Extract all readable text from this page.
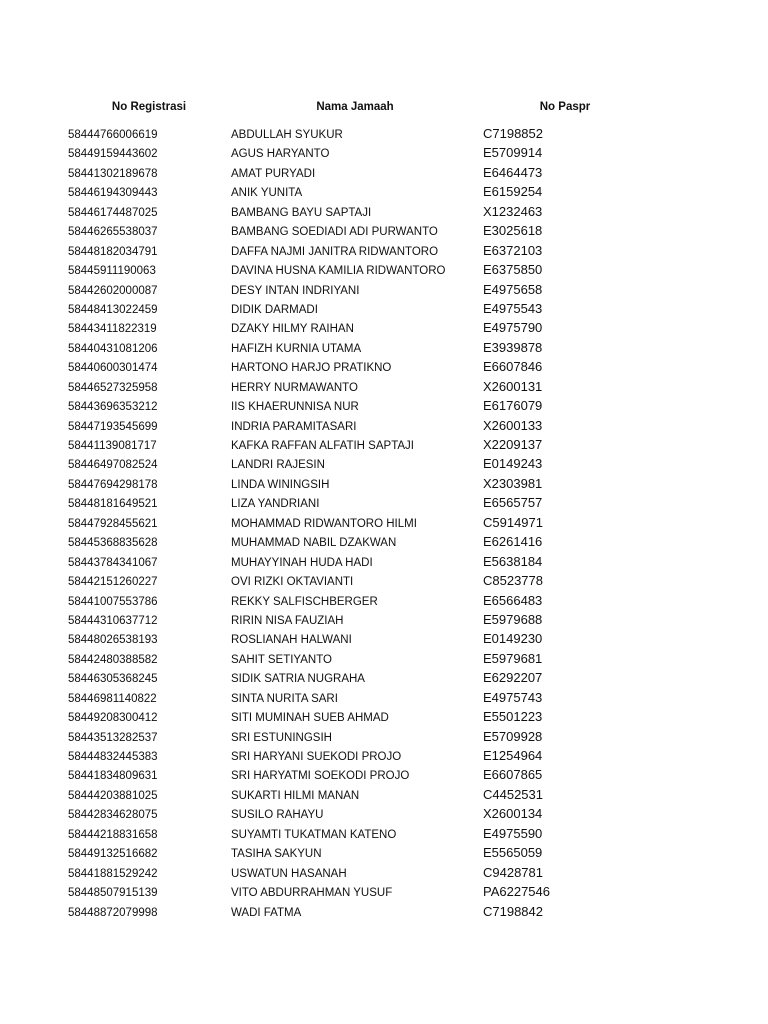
No Registrasi	Nama Jamaah	No Paspr
58444766006619	ABDULLAH SYUKUR	C7198852
58449159443602	AGUS HARYANTO	E5709914
58441302189678	AMAT PURYADI	E6464473
58446194309443	ANIK YUNITA	E6159254
58446174487025	BAMBANG BAYU SAPTAJI	X1232463
58446265538037	BAMBANG SOEDIADI ADI PURWANTO	E3025618
58448182034791	DAFFA NAJMI JANITRA RIDWANTORO	E6372103
58445911190063	DAVINA HUSNA KAMILIA RIDWANTORO	E6375850
58442602000087	DESY INTAN INDRIYANI	E4975658
58448413022459	DIDIK DARMADI	E4975543
58443411822319	DZAKY HILMY RAIHAN	E4975790
58440431081206	HAFIZH KURNIA UTAMA	E3939878
58440600301474	HARTONO HARJO PRATIKNO	E6607846
58446527325958	HERRY NURMAWANTO	X2600131
58443696353212	IIS KHAERUNNISA NUR	E6176079
58447193545699	INDRIA PARAMITASARI	X2600133
58441139081717	KAFKA RAFFAN ALFATIH SAPTAJI	X2209137
58446497082524	LANDRI RAJESIN	E0149243
58447694298178	LINDA WININGSIH	X2303981
58448181649521	LIZA YANDRIANI	E6565757
58447928455621	MOHAMMAD RIDWANTORO HILMI	C5914971
58445368835628	MUHAMMAD NABIL DZAKWAN	E6261416
58443784341067	MUHAYYINAH HUDA HADI	E5638184
58442151260227	OVI RIZKI OKTAVIANTI	C8523778
58441007553786	REKKY SALFISCHBERGER	E6566483
58444310637712	RIRIN NISA FAUZIAH	E5979688
58448026538193	ROSLIANAH HALWANI	E0149230
58442480388582	SAHIT SETIYANTO	E5979681
58446305368245	SIDIK SATRIA NUGRAHA	E6292207
58446981140822	SINTA NURITA SARI	E4975743
58449208300412	SITI MUMINAH SUEB AHMAD	E5501223
58443513282537	SRI ESTUNINGSIH	E5709928
58444832445383	SRI HARYANI SUEKODI PROJO	E1254964
58441834809631	SRI HARYATMI SOEKODI PROJO	E6607865
58444203881025	SUKARTI HILMI MANAN	C4452531
58442834628075	SUSILO RAHAYU	X2600134
58444218831658	SUYAMTI TUKATMAN KATENO	E4975590
58449132516682	TASIHA SAKYUN	E5565059
58441881529242	USWATUN HASANAH	C9428781
58448507915139	VITO ABDURRAHMAN YUSUF	PA6227546
58448872079998	WADI FATMA	C7198842
